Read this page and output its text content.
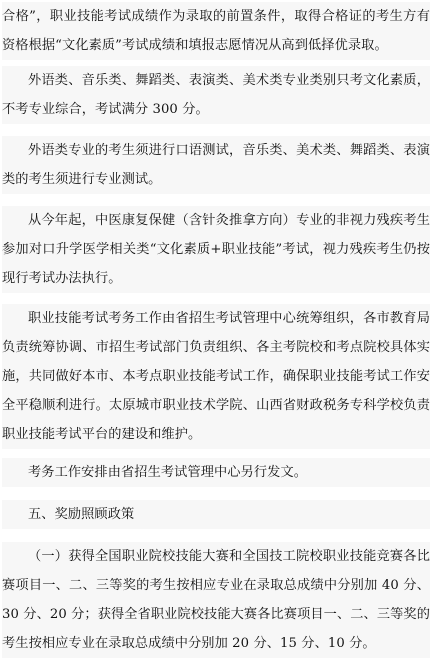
合格”，职业技能考试成绩作为录取的前置条件，取得合格证的考生方有资格根据“文化素质”考试成绩和填报志愿情况从高到低择优录取。
外语类、音乐类、舞蹈类、表演类、美术类专业类别只考文化素质，不考专业综合，考试满分 300 分。
外语类专业的考生须进行口语测试，音乐类、美术类、舞蹈类、表演类的考生须进行专业测试。
从今年起，中医康复保健（含针灸推拿方向）专业的非视力残疾考生参加对口升学医学相关类“文化素质+职业技能”考试，视力残疾考生仍按现行考试办法执行。
职业技能考试考务工作由省招生考试管理中心统筹组织，各市教育局负责统筹协调、市招生考试部门负责组织、各主考院校和考点院校具体实施，共同做好本市、本考点职业技能考试工作，确保职业技能考试工作安全平稳顺利进行。太原城市职业技术学院、山西省财政税务专科学校负责职业技能考试平台的建设和维护。
考务工作安排由省招生考试管理中心另行发文。
五、奖励照顾政策
（一）获得全国职业院校技能大赛和全国技工院校职业技能竞赛各比赛项目一、二、三等奖的考生按相应专业在录取总成绩中分别加 40 分、30 分、20 分；获得全省职业院校技能大赛各比赛项目一、二、三等奖的考生按相应专业在录取总成绩中分别加 20 分、15 分、10 分。
